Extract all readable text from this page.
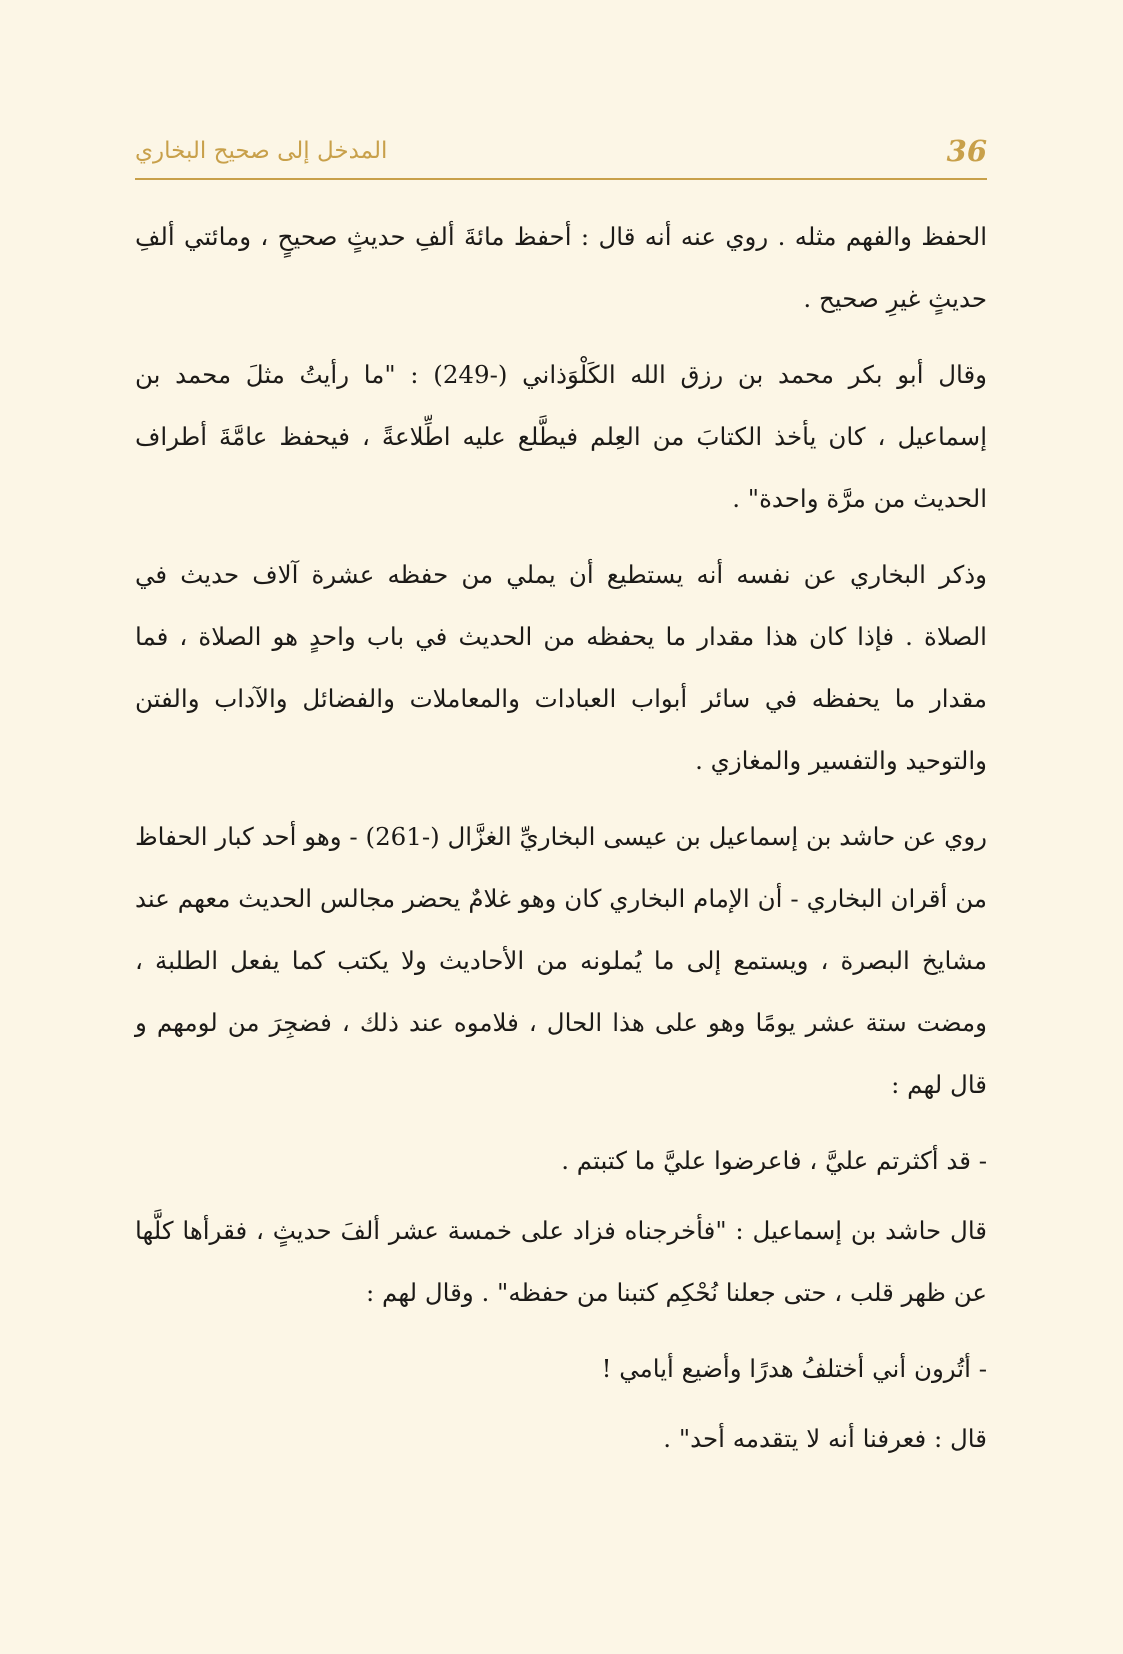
36
المدخل إلى صحيح البخاري

الحفظ والفهم مثله . روي عنه أنه قال : أحفظ مائةَ ألفِ حديثٍ صحيحٍ ، ومائتي ألفِ حديثٍ غيرِ صحيح .

وقال أبو بكر محمد بن رزق الله الكَلْوَذاني (-249) : "ما رأيتُ مثلَ محمد بن إسماعيل ، كان يأخذ الكتابَ من العِلم فيطَّلع عليه اطِّلاعةً ، فيحفظ عامَّةَ أطراف الحديث من مرَّة واحدة" .

وذكر البخاري عن نفسه أنه يستطيع أن يملي من حفظه عشرة آلاف حديث في الصلاة . فإذا كان هذا مقدار ما يحفظه من الحديث في باب واحدٍ هو الصلاة ، فما مقدار ما يحفظه في سائر أبواب العبادات والمعاملات والفضائل والآداب والفتن والتوحيد والتفسير والمغازي .

روي عن حاشد بن إسماعيل بن عيسى البخاريِّ الغزَّال (-261) - وهو أحد كبار الحفاظ من أقران البخاري - أن الإمام البخاري كان وهو غلامٌ يحضر مجالس الحديث معهم عند مشايخ البصرة ، ويستمع إلى ما يُملونه من الأحاديث ولا يكتب كما يفعل الطلبة ، ومضت ستة عشر يومًا وهو على هذا الحال ، فلاموه عند ذلك ، فضجِرَ من لومهم و قال لهم :

- قد أكثرتم عليَّ ، فاعرضوا عليَّ ما كتبتم .

قال حاشد بن إسماعيل : "فأخرجناه فزاد على خمسة عشر ألفَ حديثٍ ، فقرأها كلَّها عن ظهر قلب ، حتى جعلنا نُحْكِم كتبنا من حفظه" . وقال لهم :

- أتُرون أني أختلفُ هدرًا وأضيع أيامي !

قال : فعرفنا أنه لا يتقدمه أحد" .
